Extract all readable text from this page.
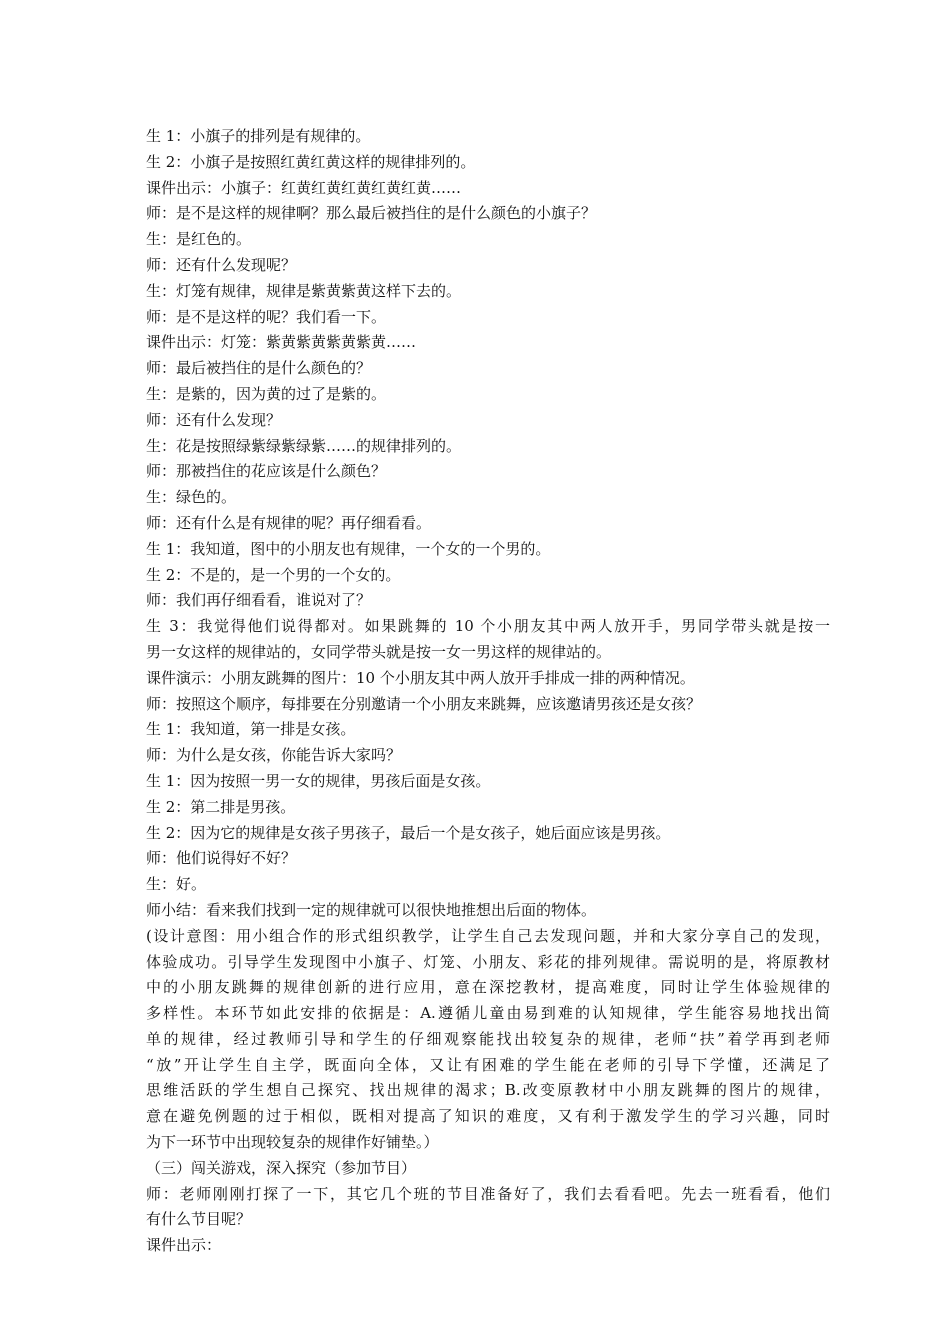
生 1：小旗子的排列是有规律的。
生 2：小旗子是按照红黄红黄这样的规律排列的。
课件出示：小旗子：红黄红黄红黄红黄红黄……
师：是不是这样的规律啊？那么最后被挡住的是什么颜色的小旗子？
生：是红色的。
师：还有什么发现呢？
生：灯笼有规律，规律是紫黄紫黄这样下去的。
师：是不是这样的呢？我们看一下。
课件出示：灯笼：紫黄紫黄紫黄紫黄……
师：最后被挡住的是什么颜色的？
生：是紫的，因为黄的过了是紫的。
师：还有什么发现？
生：花是按照绿紫绿紫绿紫……的规律排列的。
师：那被挡住的花应该是什么颜色？
生：绿色的。
师：还有什么是有规律的呢？再仔细看看。
生 1：我知道，图中的小朋友也有规律，一个女的一个男的。
生 2：不是的，是一个男的一个女的。
师：我们再仔细看看，谁说对了？
生 3：我觉得他们说得都对。如果跳舞的 10 个小朋友其中两人放开手，男同学带头就是按一
男一女这样的规律站的，女同学带头就是按一女一男这样的规律站的。
课件演示：小朋友跳舞的图片：10 个小朋友其中两人放开手排成一排的两种情况。
师：按照这个顺序，每排要在分别邀请一个小朋友来跳舞，应该邀请男孩还是女孩？
生 1：我知道，第一排是女孩。
师：为什么是女孩，你能告诉大家吗？
生 1：因为按照一男一女的规律，男孩后面是女孩。
生 2：第二排是男孩。
生 2：因为它的规律是女孩子男孩子，最后一个是女孩子，她后面应该是男孩。
师：他们说得好不好？
生：好。
师小结：看来我们找到一定的规律就可以很快地推想出后面的物体。
(设计意图：用小组合作的形式组织教学，让学生自己去发现问题，并和大家分享自己的发现，
体验成功。引导学生发现图中小旗子、灯笼、小朋友、彩花的排列规律。需说明的是，将原教材
中的小朋友跳舞的规律创新的进行应用，意在深挖教材，提高难度，同时让学生体验规律的
多样性。本环节如此安排的依据是：A.遵循儿童由易到难的认知规律，学生能容易地找出简
单的规律，经过教师引导和学生的仔细观察能找出较复杂的规律，老师“扶”着学再到老师
“放”开让学生自主学，既面向全体，又让有困难的学生能在老师的引导下学懂，还满足了
思维活跃的学生想自己探究、找出规律的渴求；B.改变原教材中小朋友跳舞的图片的规律，
意在避免例题的过于相似，既相对提高了知识的难度，又有利于激发学生的学习兴趣，同时
为下一环节中出现较复杂的规律作好铺垫。）
（三）闯关游戏，深入探究（参加节目）
师：老师刚刚打探了一下，其它几个班的节目准备好了，我们去看看吧。先去一班看看，他们
有什么节目呢？
课件出示：
